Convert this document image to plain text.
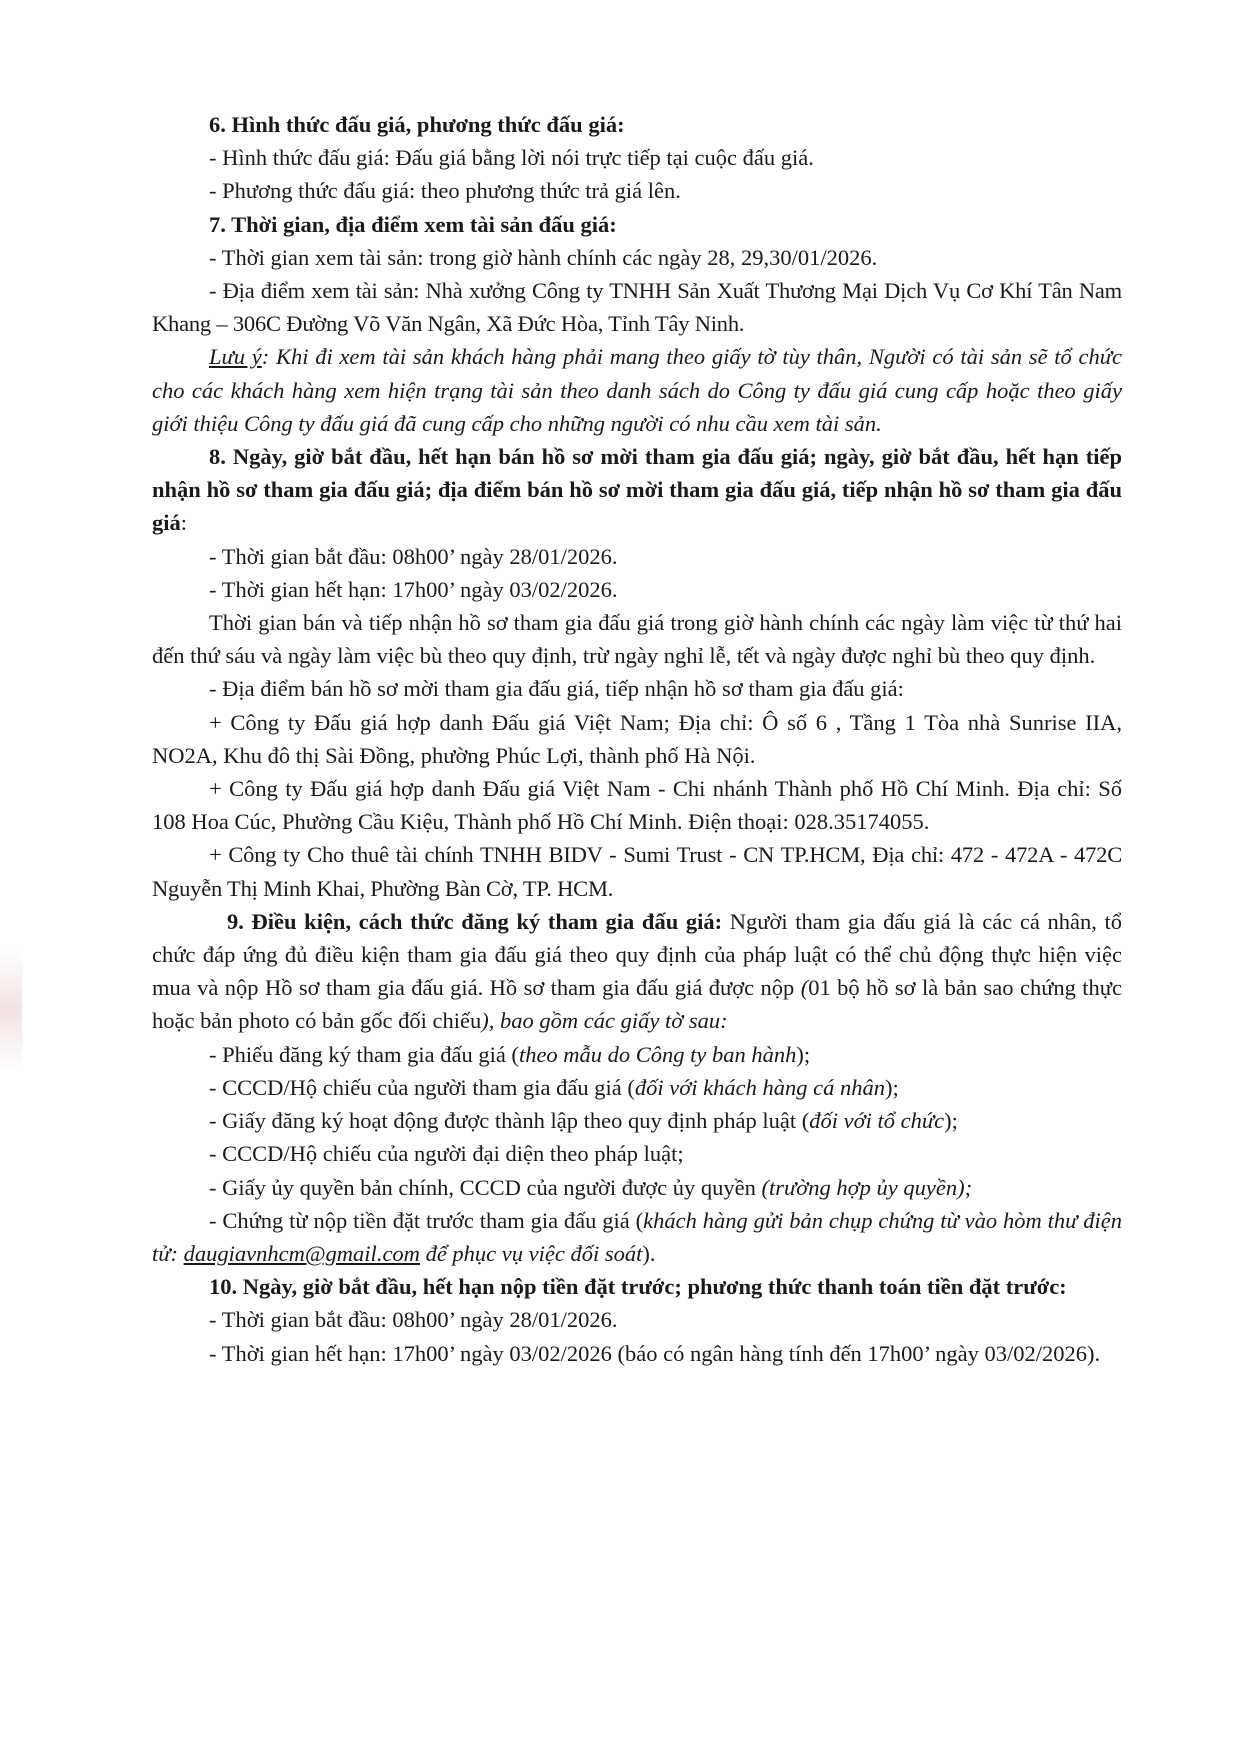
6. Hình thức đấu giá, phương thức đấu giá:

- Hình thức đấu giá: Đấu giá bằng lời nói trực tiếp tại cuộc đấu giá.

- Phương thức đấu giá: theo phương thức trả giá lên.

7. Thời gian, địa điểm xem tài sản đấu giá:

- Thời gian xem tài sản: trong giờ hành chính các ngày 28, 29,30/01/2026.

- Địa điểm xem tài sản: Nhà xưởng Công ty TNHH Sản Xuất Thương Mại Dịch Vụ Cơ Khí Tân Nam Khang – 306C Đường Võ Văn Ngân, Xã Đức Hòa, Tỉnh Tây Ninh.

Lưu ý: Khi đi xem tài sản khách hàng phải mang theo giấy tờ tùy thân, Người có tài sản sẽ tổ chức cho các khách hàng xem hiện trạng tài sản theo danh sách do Công ty đấu giá cung cấp hoặc theo giấy giới thiệu Công ty đấu giá đã cung cấp cho những người có nhu cầu xem tài sản.

8. Ngày, giờ bắt đầu, hết hạn bán hồ sơ mời tham gia đấu giá; ngày, giờ bắt đầu, hết hạn tiếp nhận hồ sơ tham gia đấu giá; địa điểm bán hồ sơ mời tham gia đấu giá, tiếp nhận hồ sơ tham gia đấu giá:

- Thời gian bắt đầu: 08h00’ ngày 28/01/2026.

- Thời gian hết hạn: 17h00’ ngày 03/02/2026.

Thời gian bán và tiếp nhận hồ sơ tham gia đấu giá trong giờ hành chính các ngày làm việc từ thứ hai đến thứ sáu và ngày làm việc bù theo quy định, trừ ngày nghỉ lễ, tết và ngày được nghỉ bù theo quy định.

- Địa điểm bán hồ sơ mời tham gia đấu giá, tiếp nhận hồ sơ tham gia đấu giá:

+ Công ty Đấu giá hợp danh Đấu giá Việt Nam; Địa chỉ: Ô số 6 , Tầng 1 Tòa nhà Sunrise IIA, NO2A, Khu đô thị Sài Đồng, phường Phúc Lợi, thành phố Hà Nội.

+ Công ty Đấu giá hợp danh Đấu giá Việt Nam - Chi nhánh Thành phố Hồ Chí Minh. Địa chỉ: Số 108 Hoa Cúc, Phường Cầu Kiệu, Thành phố Hồ Chí Minh. Điện thoại: 028.35174055.

+ Công ty Cho thuê tài chính TNHH BIDV - Sumi Trust - CN TP.HCM, Địa chỉ: 472 - 472A - 472C Nguyễn Thị Minh Khai, Phường Bàn Cờ, TP. HCM.

9. Điều kiện, cách thức đăng ký tham gia đấu giá: Người tham gia đấu giá là các cá nhân, tổ chức đáp ứng đủ điều kiện tham gia đấu giá theo quy định của pháp luật có thể chủ động thực hiện việc mua và nộp Hồ sơ tham gia đấu giá. Hồ sơ tham gia đấu giá được nộp (01 bộ hồ sơ là bản sao chứng thực hoặc bản photo có bản gốc đối chiếu), bao gồm các giấy tờ sau:

- Phiếu đăng ký tham gia đấu giá (theo mẫu do Công ty ban hành);

- CCCD/Hộ chiếu của người tham gia đấu giá (đối với khách hàng cá nhân);

- Giấy đăng ký hoạt động được thành lập theo quy định pháp luật (đối với tổ chức);

- CCCD/Hộ chiếu của người đại diện theo pháp luật;

- Giấy ủy quyền bản chính, CCCD của người được ủy quyền (trường hợp ủy quyền);

- Chứng từ nộp tiền đặt trước tham gia đấu giá (khách hàng gửi bản chụp chứng từ vào hòm thư điện tử: daugiavnhcm@gmail.com để phục vụ việc đối soát).

10. Ngày, giờ bắt đầu, hết hạn nộp tiền đặt trước; phương thức thanh toán tiền đặt trước:

- Thời gian bắt đầu: 08h00’ ngày 28/01/2026.

- Thời gian hết hạn: 17h00’ ngày 03/02/2026 (báo có ngân hàng tính đến 17h00’ ngày 03/02/2026).
